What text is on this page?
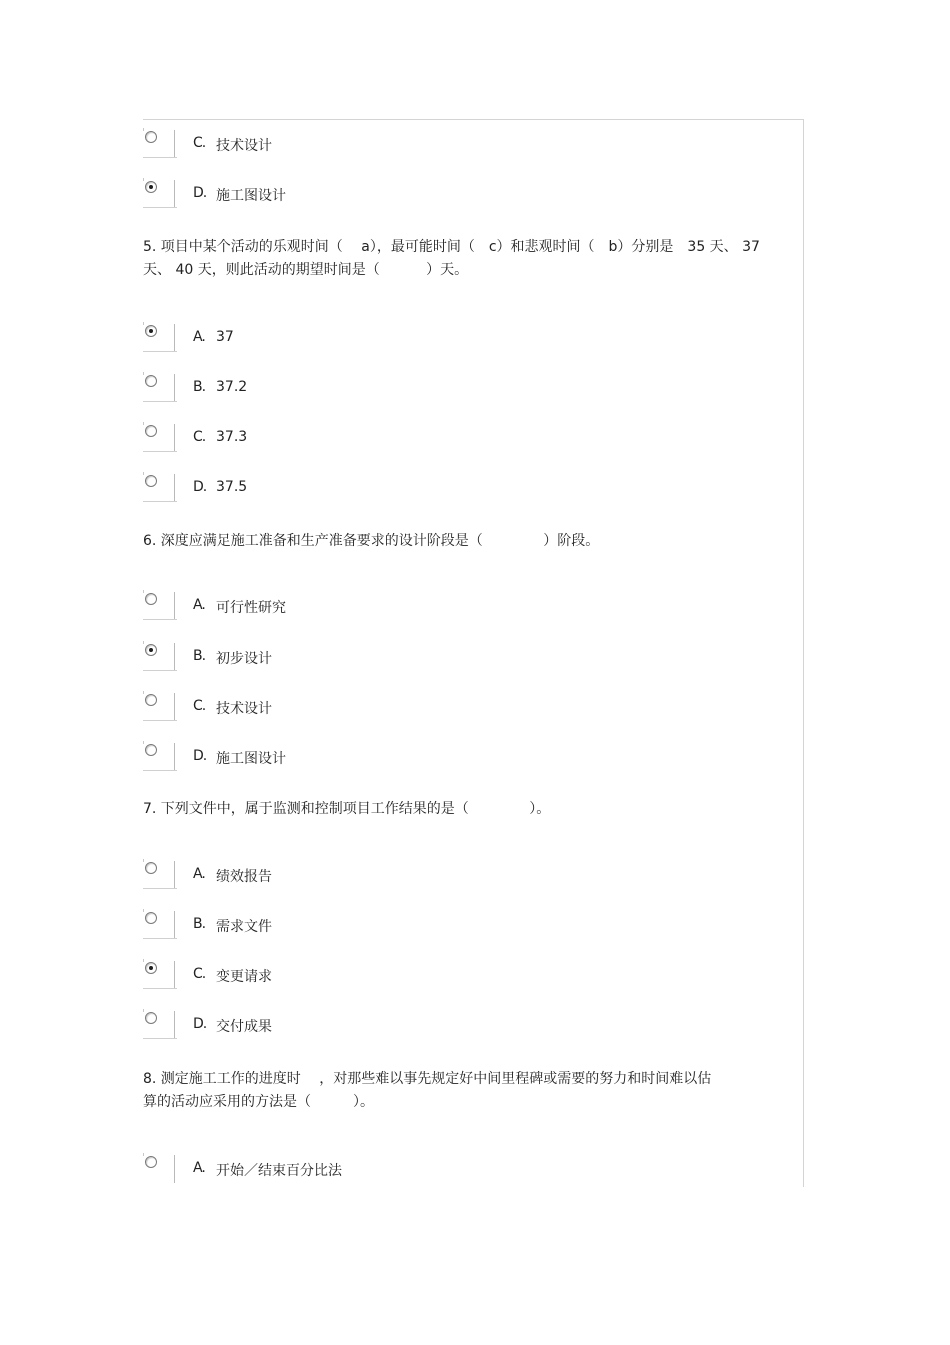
C. 技术设计
D. 施工图设计
5. 项目中某个活动的乐观时间（　 a），最可能时间（　c）和悲观时间（　b）分别是　35 天、 37
天、 40 天，则此活动的期望时间是（　　　 ）天。
A. 37
B. 37.2
C. 37.3
D. 37.5
6. 深度应满足施工准备和生产准备要求的设计阶段是（　　　　 ）阶段。
A. 可行性研究
B. 初步设计
C. 技术设计
D. 施工图设计
7. 下列文件中，属于监测和控制项目工作结果的是（　　　　 ）。
A. 绩效报告
B. 需求文件
C. 变更请求
D. 交付成果
8. 测定施工工作的进度时　 ，对那些难以事先规定好中间里程碑或需要的努力和时间难以估
算的活动应采用的方法是（　　　）。
A. 开始／结束百分比法
